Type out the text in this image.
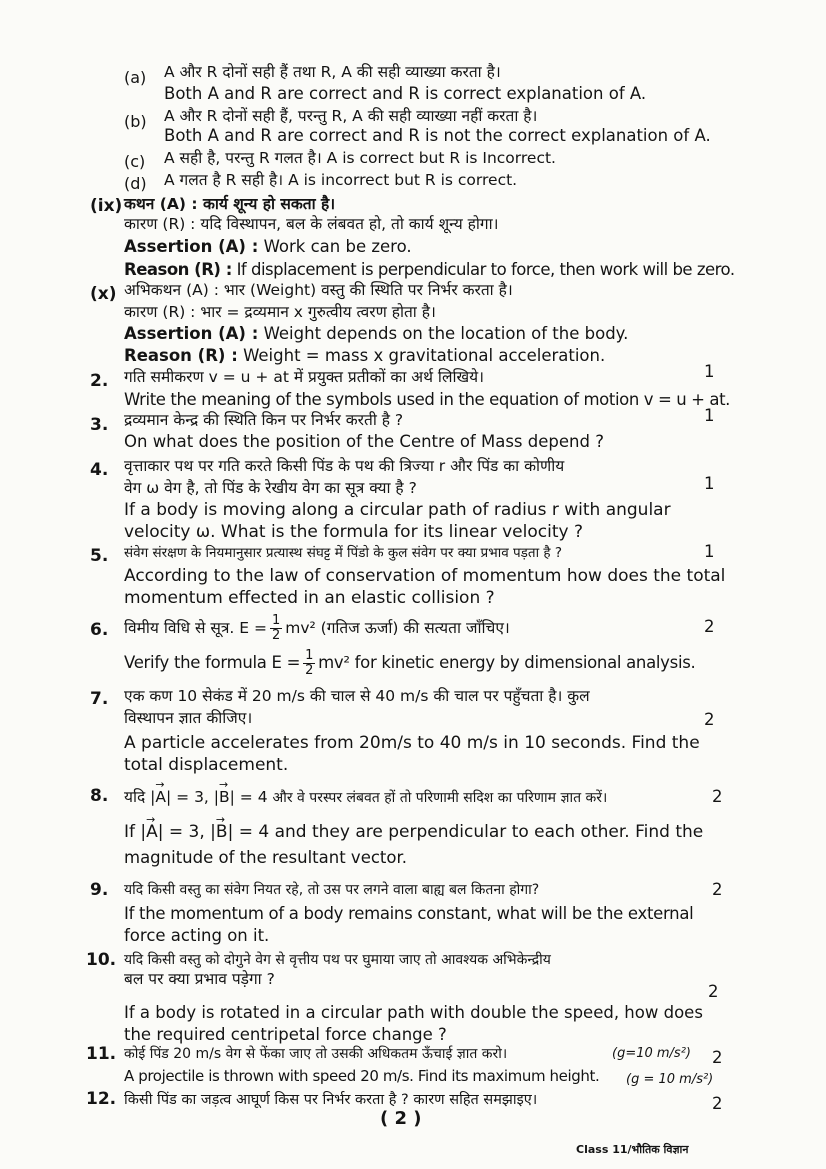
(a) A और R दोनों सही हैं तथा R, A की सही व्याख्या करता है।
Both A and R are correct and R is correct explanation of A.
(b) A और R दोनों सही हैं, परन्तु R, A की सही व्याख्या नहीं करता है।
Both A and R are correct and R is not the correct explanation of A.
(c) A सही है, परन्तु R गलत है। A is correct but R is Incorrect.
(d) A गलत है R सही है। A is incorrect but R is correct.
(ix) कथन (A) : कार्य शून्य हो सकता है।
कारण (R) : यदि विस्थापन, बल के लंबवत हो, तो कार्य शून्य होगा।
Assertion (A) : Work can be zero.
Reason (R) : If displacement is perpendicular to force, then work will be zero.
(x) अभिकथन (A) : भार (Weight) वस्तु की स्थिति पर निर्भर करता है।
कारण (R) : भार = द्रव्यमान x गुरुत्वीय त्वरण होता है।
Assertion (A) : Weight depends on the location of the body.
Reason (R) : Weight = mass x gravitational acceleration.
2. गति समीकरण v = u + at में प्रयुक्त प्रतीकों का अर्थ लिखिये।	1
Write the meaning of the symbols used in the equation of motion v = u + at.
3. द्रव्यमान केन्द्र की स्थिति किन पर निर्भर करती है ?	1
On what does the position of the Centre of Mass depend ?
4. वृत्ताकार पथ पर गति करते किसी पिंड के पथ की त्रिज्या r और पिंड का कोणीय
वेग ω वेग है, तो पिंड के रेखीय वेग का सूत्र क्या है ?	1
If a body is moving along a circular path of radius r with angular
velocity ω. What is the formula for its linear velocity ?
5. संवेग संरक्षण के नियमानुसार प्रत्यास्थ संघट्ट में पिंडो के कुल संवेग पर क्या प्रभाव पड़ता है ?	1
According to the law of conservation of momentum how does the total
momentum effected in an elastic collision ?
6. विमीय विधि से सूत्र. $E = \frac{1}{2} mv^2$ (गतिज ऊर्जा) की सत्यता जाँचिए।	2
Verify the formula $E = \frac{1}{2} mv^2$ for kinetic energy by dimensional analysis.
7. एक कण 10 सेकंड में 20 m/s की चाल से 40 m/s की चाल पर पहुँचता है। कुल
विस्थापन ज्ञात कीजिए।	2
A particle accelerates from 20m/s to 40 m/s in 10 seconds. Find the
total displacement.
8. यदि |→ A| = 3, |→ B| = 4 और वे परस्पर लंबवत हों तो परिणामी सदिश का परिणाम ज्ञात करें।	2
If |→ A| = 3, |→ B| = 4 and they are perpendicular to each other. Find the
magnitude of the resultant vector.
9. यदि किसी वस्तु का संवेग नियत रहे, तो उस पर लगने वाला बाह्य बल कितना होगा?	2
If the momentum of a body remains constant, what will be the external
force acting on it.
10. यदि किसी वस्तु को दोगुने वेग से वृत्तीय पथ पर घुमाया जाए तो आवश्यक अभिकेन्द्रीय
बल पर क्या प्रभाव पड़ेगा ?
2
If a body is rotated in a circular path with double the speed, how does
the required centripetal force change ?
11. कोई पिंड 20 m/s वेग से फेंका जाए तो उसकी अधिकतम ऊँचाई ज्ञात करो।	(g=10 m/s²) 2
A projectile is thrown with speed 20 m/s. Find its maximum height. (g = 10 m/s²)
12. किसी पिंड का जड़त्व आघूर्ण किस पर निर्भर करता है ? कारण सहित समझाइए।	2
( 2 )
Class 11/भौतिक विज्ञान
